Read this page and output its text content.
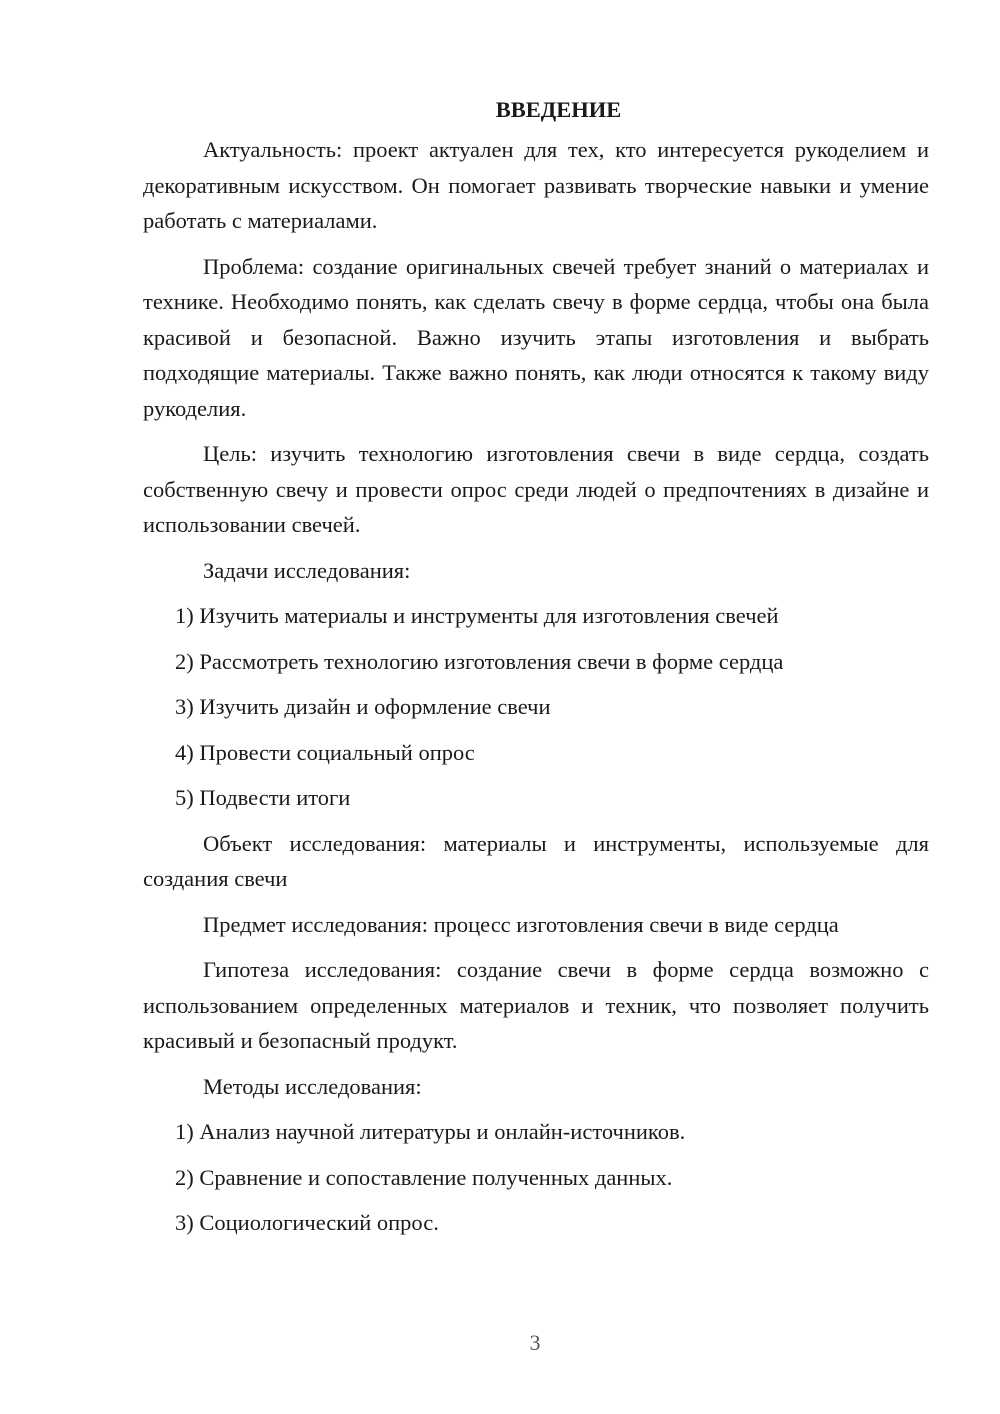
ВВЕДЕНИЕ

Актуальность: проект актуален для тех, кто интересуется рукоделием и декоративным искусством. Он помогает развивать творческие навыки и умение работать с материалами.

Проблема: создание оригинальных свечей требует знаний о материалах и технике. Необходимо понять, как сделать свечу в форме сердца, чтобы она была красивой и безопасной. Важно изучить этапы изготовления и выбрать подходящие материалы. Также важно понять, как люди относятся к такому виду рукоделия.

Цель: изучить технологию изготовления свечи в виде сердца, создать собственную свечу и провести опрос среди людей о предпочтениях в дизайне и использовании свечей.

Задачи исследования:

1) Изучить материалы и инструменты для изготовления свечей

2) Рассмотреть технологию изготовления свечи в форме сердца

3) Изучить дизайн и оформление свечи

4) Провести социальный опрос

5) Подвести итоги

Объект исследования: материалы и инструменты, используемые для создания свечи

Предмет исследования: процесс изготовления свечи в виде сердца

Гипотеза исследования: создание свечи в форме сердца возможно с использованием определенных материалов и техник, что позволяет получить красивый и безопасный продукт.

Методы исследования:

1) Анализ научной литературы и онлайн-источников.

2) Сравнение и сопоставление полученных данных.

3) Социологический опрос.

3
